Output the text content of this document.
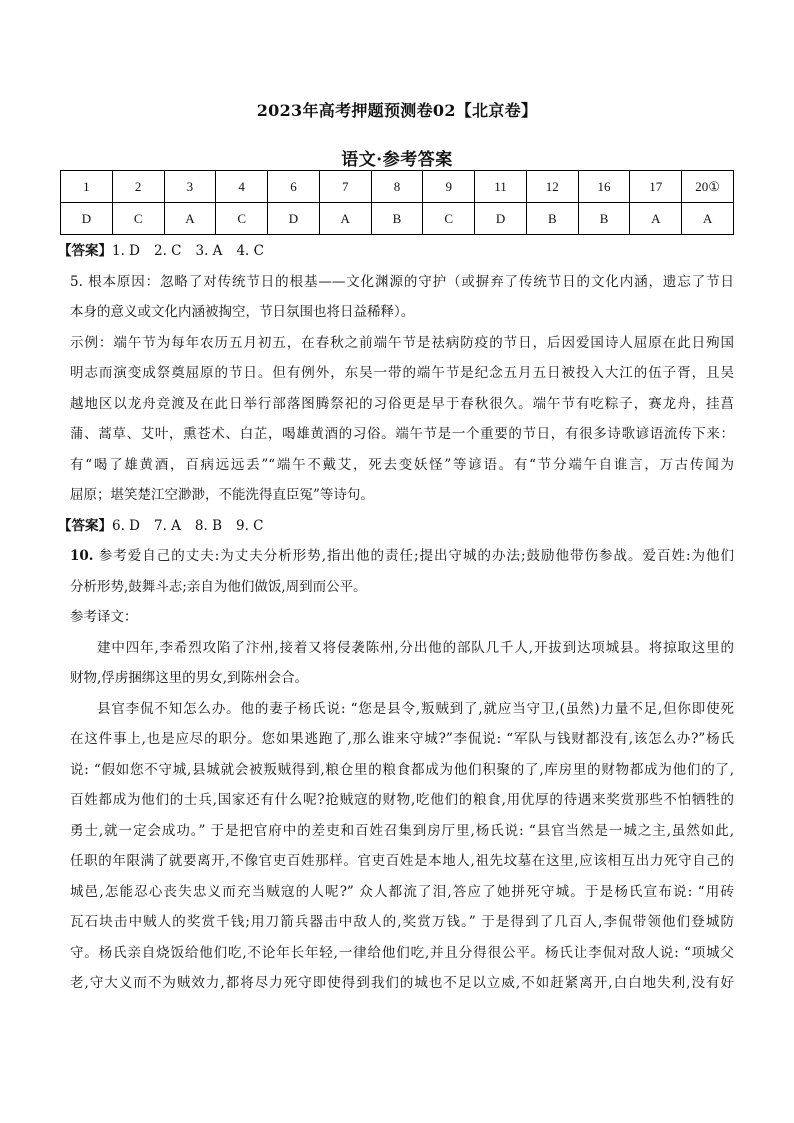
2023年高考押题预测卷02【北京卷】
语文·参考答案
1	2	3	4	6	7	8	9	11	12	16	17	20①
D	C	A	C	D	A	B	C	D	B	B	A	A

【答案】1. D 2. C 3. A 4. C

5. 根本原因：忽略了对传统节日的根基——文化渊源的守护（或摒弃了传统节日的文化内涵，遗忘了节日

本身的意义或文化内涵被掏空，节日氛围也将日益稀释）。

示例：端午节为每年农历五月初五，在春秋之前端午节是祛病防疫的节日，后因爱国诗人屈原在此日殉国

明志而演变成祭奠屈原的节日。但有例外，东吴一带的端午节是纪念五月五日被投入大江的伍子胥，且吴

越地区以龙舟竞渡及在此日举行部落图腾祭祀的习俗更是早于春秋很久。端午节有吃粽子，赛龙舟，挂菖

蒲、蒿草、艾叶，熏苍术、白芷，喝雄黄酒的习俗。端午节是一个重要的节日，有很多诗歌谚语流传下来：

有“喝了雄黄酒，百病远远丢”“端午不戴艾，死去变妖怪”等谚语。有“节分端午自谁言，万古传闻为

屈原；堪笑楚江空渺渺，不能洗得直臣冤”等诗句。

【答案】6. D 7. A 8. B 9. C

10. 参考爱自己的丈夫:为丈夫分析形势,指出他的责任;提出守城的办法;鼓励他带伤参战。爱百姓:为他们

分析形势,鼓舞斗志;亲自为他们做饭,周到而公平。

参考译文：

建中四年,李希烈攻陷了汴州,接着又将侵袭陈州,分出他的部队几千人,开拔到达项城县。将掠取这里的

财物,俘虏捆绑这里的男女,到陈州会合。

县官李侃不知怎么办。他的妻子杨氏说: “您是县令,叛贼到了,就应当守卫,(虽然)力量不足,但你即使死

在这件事上,也是应尽的职分。您如果逃跑了,那么谁来守城?”李侃说: “军队与钱财都没有,该怎么办?”杨氏

说: “假如您不守城,县城就会被叛贼得到,粮仓里的粮食都成为他们积聚的了,库房里的财物都成为他们的了,

百姓都成为他们的士兵,国家还有什么呢?抢贼寇的财物,吃他们的粮食,用优厚的待遇来奖赏那些不怕牺牲的

勇士,就一定会成功。” 于是把官府中的差吏和百姓召集到房厅里,杨氏说: “县官当然是一城之主,虽然如此,

任职的年限满了就要离开,不像官吏百姓那样。官吏百姓是本地人,祖先坟墓在这里,应该相互出力死守自己的

城邑,怎能忍心丧失忠义而充当贼寇的人呢?” 众人都流了泪,答应了她拼死守城。于是杨氏宣布说: “用砖

瓦石块击中贼人的奖赏千钱;用刀箭兵器击中敌人的,奖赏万钱。” 于是得到了几百人,李侃带领他们登城防

守。杨氏亲自烧饭给他们吃,不论年长年轻,一律给他们吃,并且分得很公平。杨氏让李侃对敌人说: “项城父

老,守大义而不为贼效力,都将尽力死守即使得到我们的城也不足以立威,不如赶紧离开,白白地失利,没有好
